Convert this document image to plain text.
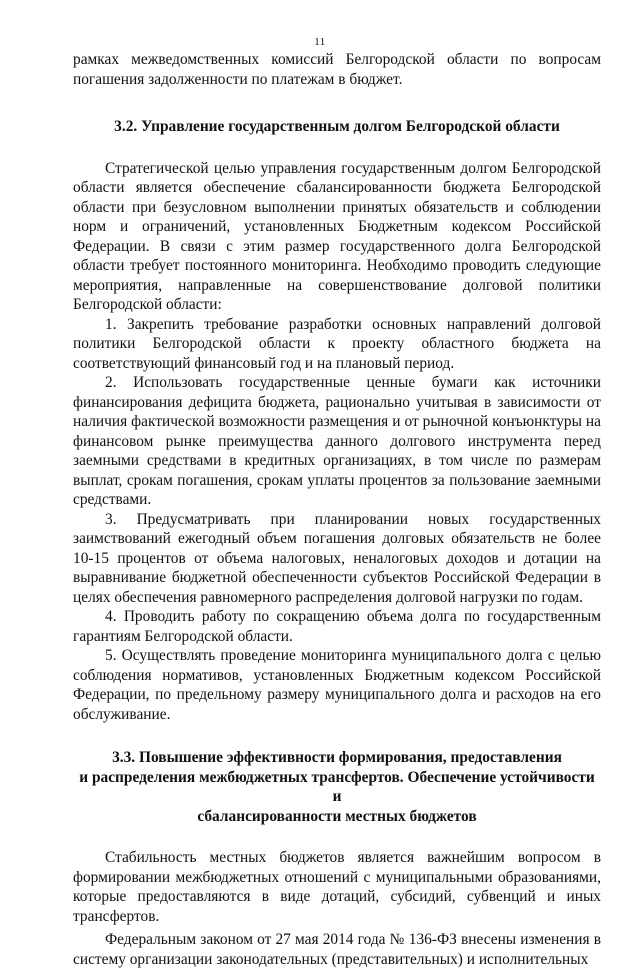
11

рамках межведомственных комиссий Белгородской области по вопросам погашения задолженности по платежам в бюджет.

3.2. Управление государственным долгом Белгородской области

Стратегической целью управления государственным долгом Белгородской области является обеспечение сбалансированности бюджета Белгородской области при безусловном выполнении принятых обязательств и соблюдении норм и ограничений, установленных Бюджетным кодексом Российской Федерации. В связи с этим размер государственного долга Белгородской области требует постоянного мониторинга. Необходимо проводить следующие мероприятия, направленные на совершенствование долговой политики Белгородской области:

1. Закрепить требование разработки основных направлений долговой политики Белгородской области к проекту областного бюджета на соответствующий финансовый год и на плановый период.

2. Использовать государственные ценные бумаги как источники финансирования дефицита бюджета, рационально учитывая в зависимости от наличия фактической возможности размещения и от рыночной конъюнктуры на финансовом рынке преимущества данного долгового инструмента перед заемными средствами в кредитных организациях, в том числе по размерам выплат, срокам погашения, срокам уплаты процентов за пользование заемными средствами.

3. Предусматривать при планировании новых государственных заимствований ежегодный объем погашения долговых обязательств не более 10-15 процентов от объема налоговых, неналоговых доходов и дотации на выравнивание бюджетной обеспеченности субъектов Российской Федерации в целях обеспечения равномерного распределения долговой нагрузки по годам.

4. Проводить работу по сокращению объема долга по государственным гарантиям Белгородской области.

5. Осуществлять проведение мониторинга муниципального долга с целью соблюдения нормативов, установленных Бюджетным кодексом Российской Федерации, по предельному размеру муниципального долга и расходов на его обслуживание.

3.3. Повышение эффективности формирования, предоставления

и распределения межбюджетных трансфертов. Обеспечение устойчивости и

сбалансированности местных бюджетов

Стабильность местных бюджетов является важнейшим вопросом в формировании межбюджетных отношений с муниципальными образованиями, которые предоставляются в виде дотаций, субсидий, субвенций и иных трансфертов.

Федеральным законом от 27 мая 2014 года № 136-ФЗ внесены изменения в систему организации законодательных (представительных) и исполнительных
